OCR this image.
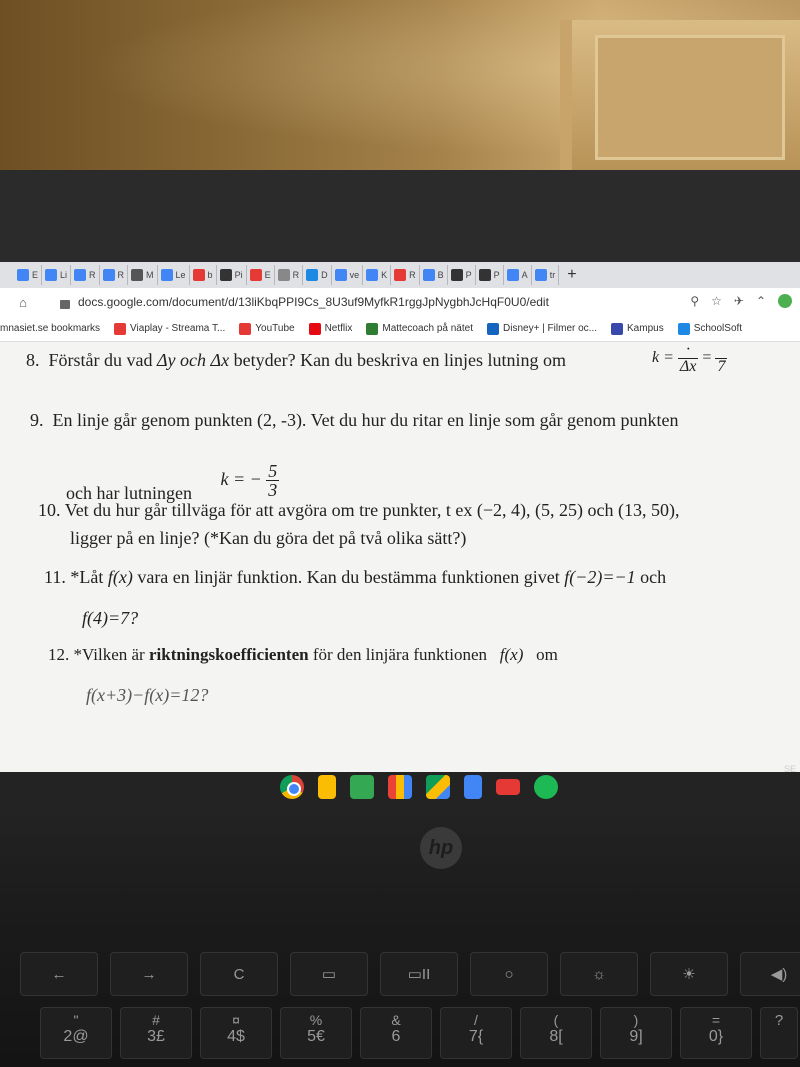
E Li R R M Le b Pi E R D ve K R B P P A tr +
⌂	docs.google.com/document/d/13liKbqPPI9Cs_8U3uf9MyfkR1rggJpNygbhJcHqF0U0/edit	⚲ ☆ ✈ ⌃
mnasiet.se bookmarks	Viaplay - Streama T...	YouTube	Netflix	Mattecoach på nätet	Disney+ | Filmer oc...	Kampus	SchoolSoft
8. Förstår du vad Δy och Δx betyder? Kan du beskriva en linjes lutning om	$k = \frac{\cdot}{\Delta x}$ =

7
9. En linje går genom punkten (2, -3). Vet du hur du ritar en linje som går genom punkten
och har lutningen k = − $\frac{5}{3}$
10. Vet du hur går tillväga för att avgöra om tre punkter, t ex (−2, 4), (5, 25) och (13, 50),
ligger på en linje? (*Kan du göra det på två olika sätt?)
11. *Låt f(x) vara en linjär funktion. Kan du bestämma funktionen givet f(−2)=−1 och
f(4)=7?
12. *Vilken är riktningskoefficienten för den linjära funktionen f(x) om
f(x+3)−f(x)=12?
SE
hp
←	→	C	▭	▭II	○	☼	☀	◀)
"
2@
#
3£
¤
4$
%
5€
&
6
/
7{
(
8[
)
9]
=
0}
?
